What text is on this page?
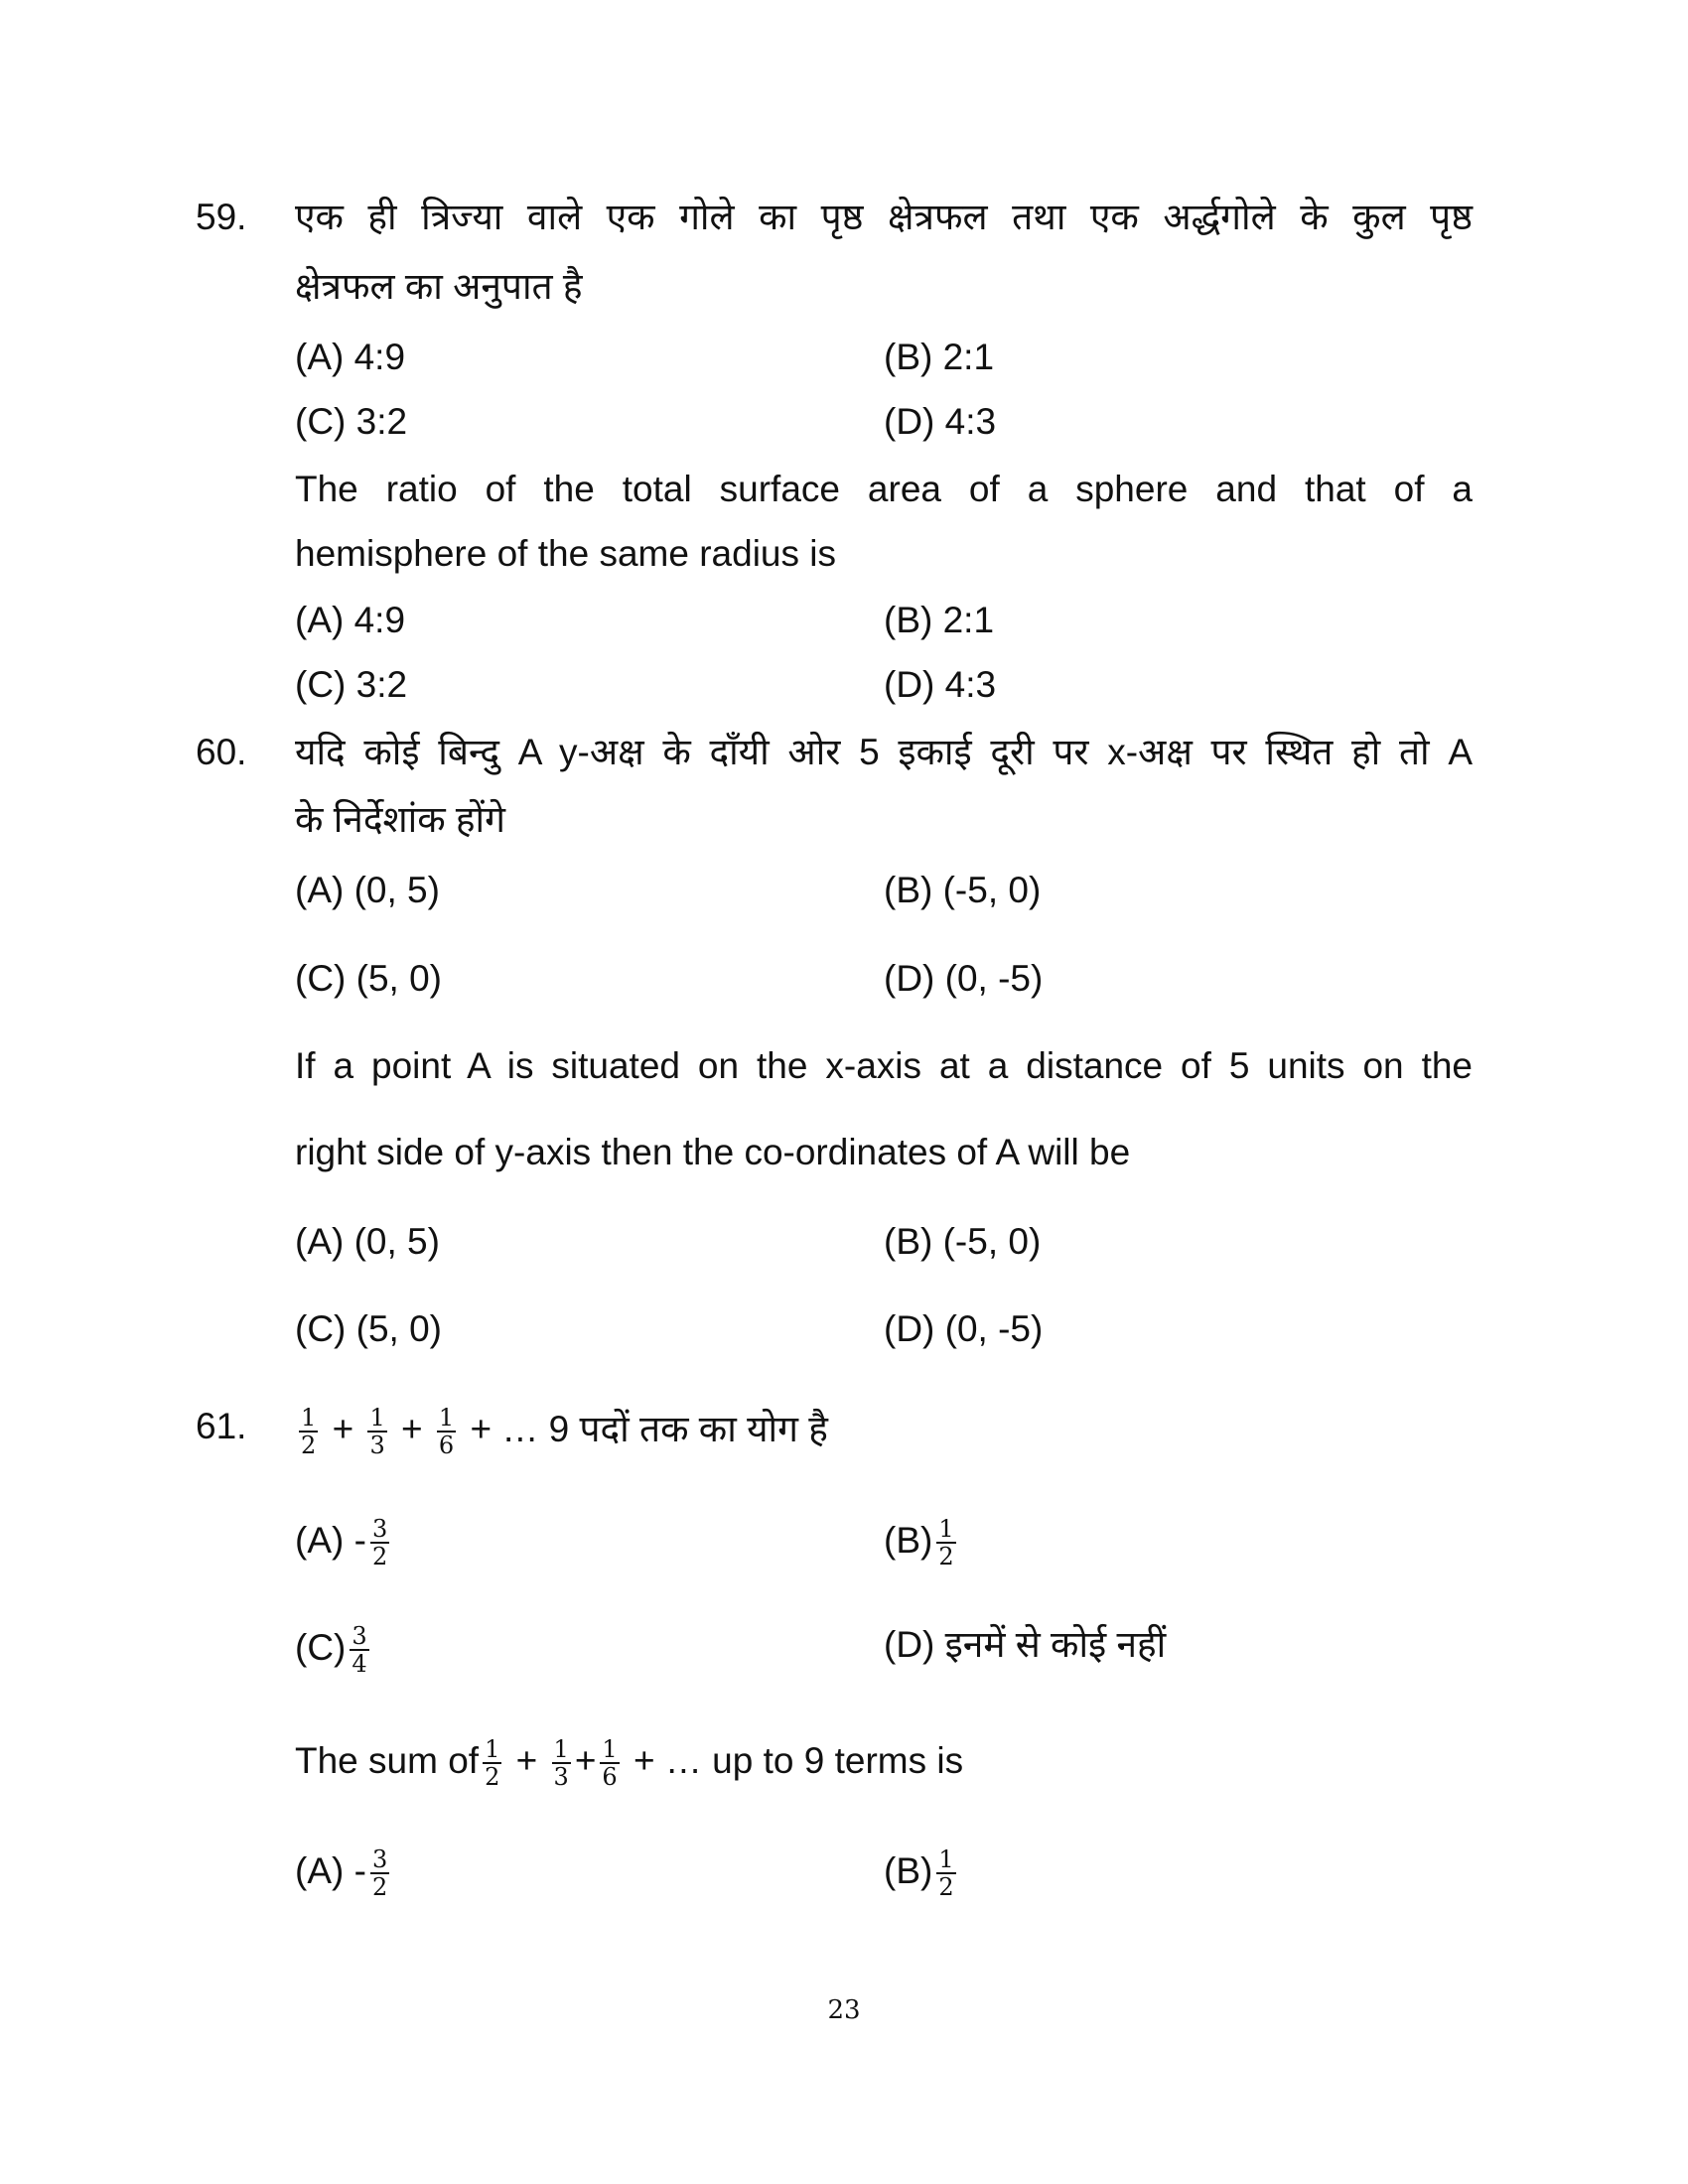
59. एक ही त्रिज्या वाले एक गोले का पृष्ठ क्षेत्रफल तथा एक अर्द्धगोले के कुल पृष्ठ
क्षेत्रफल का अनुपात है
(A) 4:9	(B) 2:1
(C) 3:2	(D) 4:3
The ratio of the total surface area of a sphere and that of a
hemisphere of the same radius is
(A) 4:9	(B) 2:1
(C) 3:2	(D) 4:3
60. यदि कोई बिन्दु A y-अक्ष के दाँयी ओर 5 इकाई दूरी पर x-अक्ष पर स्थित हो तो A
के निर्देशांक होंगे
(A) (0, 5)	(B) (-5, 0)
(C) (5, 0)	(D) (0, -5)
If a point A is situated on the x-axis at a distance of 5 units on the
right side of y-axis then the co-ordinates of A will be
(A) (0, 5)	(B) (-5, 0)
(C) (5, 0)	(D) (0, -5)
61. $\frac{1}{2} + \frac{1}{3} + \frac{1}{6}$ + … 9 पदों तक का योग है
$(A) - \frac{3}{2}$	$(B) \frac{1}{2}$
$(C) \frac{3}{4}$	(D) इनमें से कोई नहीं
The sum of $\frac{1}{2} + \frac{1}{3} + \frac{1}{6}$ + … up to 9 terms is
$(A) - \frac{3}{2}$	$(B) \frac{1}{2}$
23
